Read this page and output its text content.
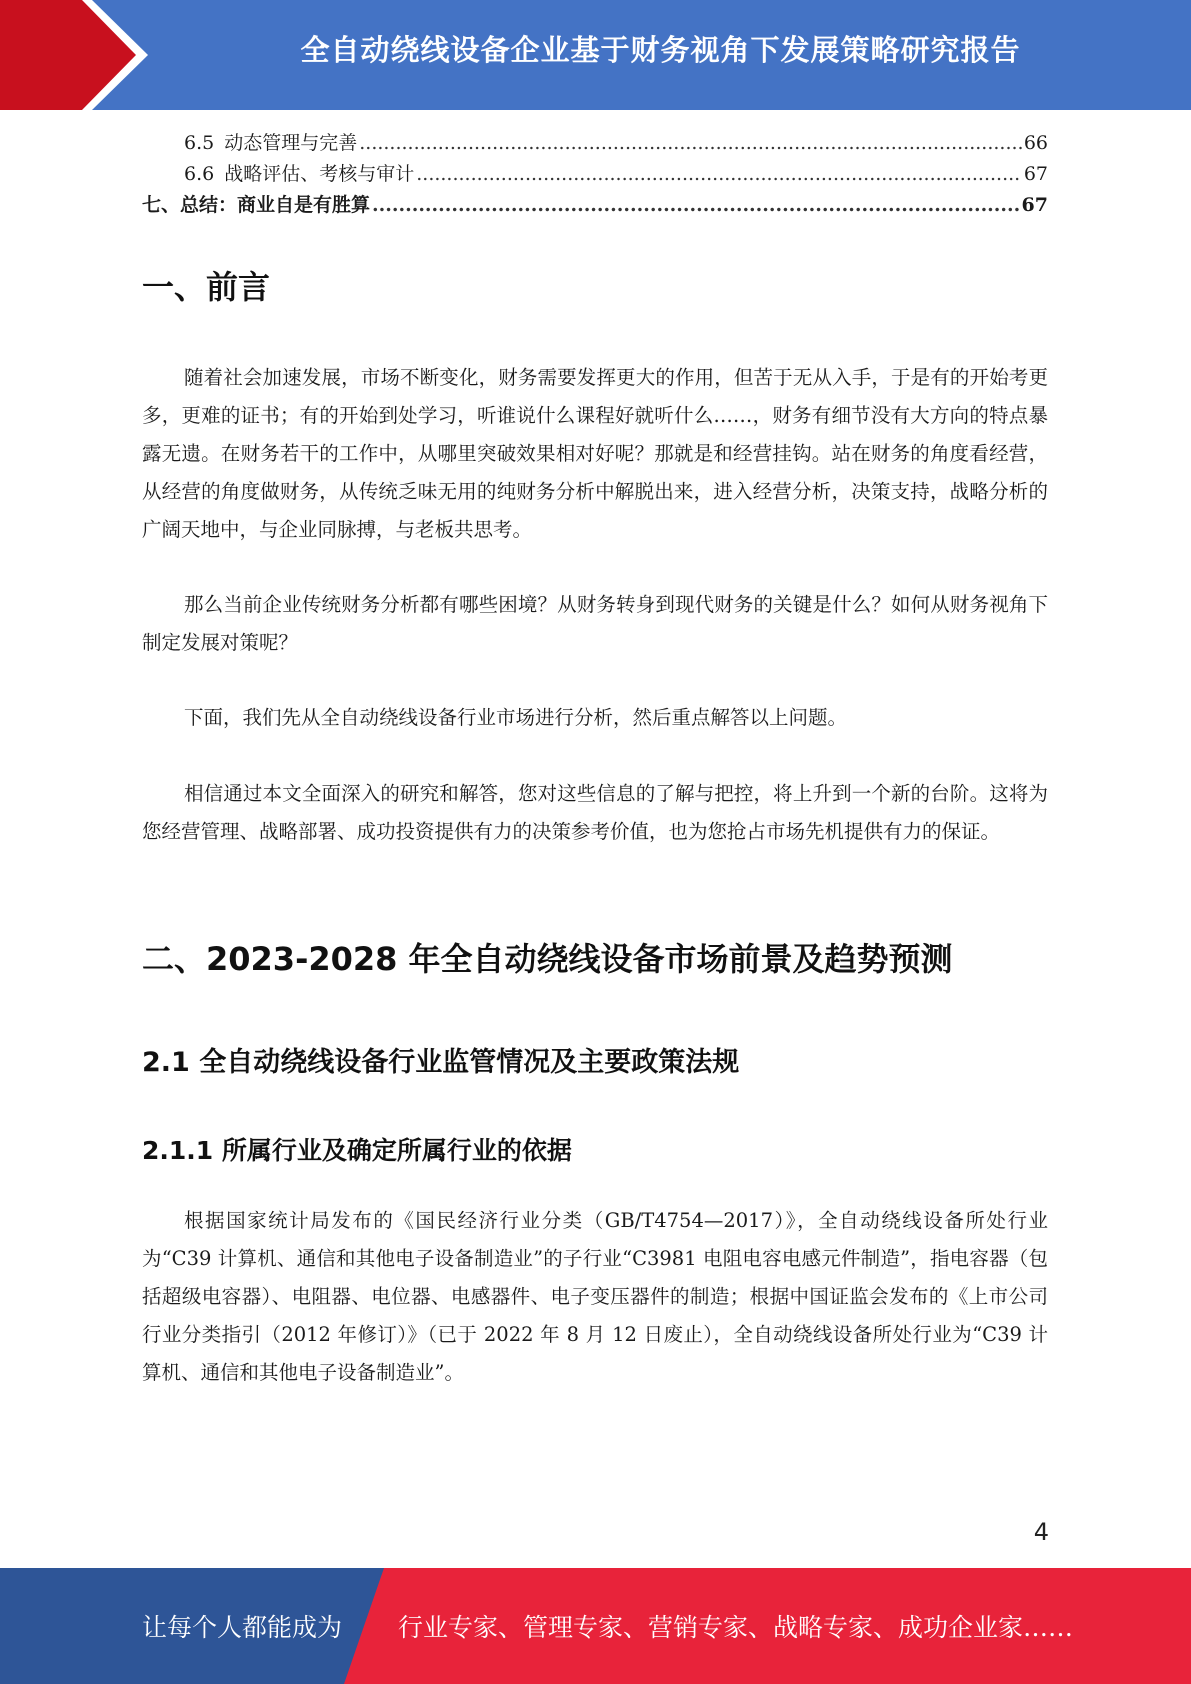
全自动绕线设备企业基于财务视角下发展策略研究报告
6.5 动态管理与完善 .....	66
6.6 战略评估、考核与审计 .....	67
七、总结：商业自是有胜算 .....	67
一、前言

随着社会加速发展，市场不断变化，财务需要发挥更大的作用，但苦于无从入手，于是有的开始考更多，更难的证书；有的开始到处学习，听谁说什么课程好就听什么……，财务有细节没有大方向的特点暴露无遗。在财务若干的工作中，从哪里突破效果相对好呢？那就是和经营挂钩。站在财务的角度看经营，从经营的角度做财务，从传统乏味无用的纯财务分析中解脱出来，进入经营分析，决策支持，战略分析的广阔天地中，与企业同脉搏，与老板共思考。

那么当前企业传统财务分析都有哪些困境？从财务转身到现代财务的关键是什么？如何从财务视角下制定发展对策呢？

下面，我们先从全自动绕线设备行业市场进行分析，然后重点解答以上问题。

相信通过本文全面深入的研究和解答，您对这些信息的了解与把控，将上升到一个新的台阶。这将为您经营管理、战略部署、成功投资提供有力的决策参考价值，也为您抢占市场先机提供有力的保证。

二、2023-2028 年全自动绕线设备市场前景及趋势预测
2.1 全自动绕线设备行业监管情况及主要政策法规
2.1.1 所属行业及确定所属行业的依据

根据国家统计局发布的《国民经济行业分类（GB/T4754—2017）》，全自动绕线设备所处行业为“C39 计算机、通信和其他电子设备制造业”的子行业“C3981 电阻电容电感元件制造”，指电容器（包括超级电容器）、电阻器、电位器、电感器件、电子变压器件的制造；根据中国证监会发布的《上市公司行业分类指引（2012 年修订）》（已于 2022 年 8 月 12 日废止），全自动绕线设备所处行业为“C39 计算机、通信和其他电子设备制造业”。

4
让每个人都能成为 行业专家、管理专家、营销专家、战略专家、成功企业家……
